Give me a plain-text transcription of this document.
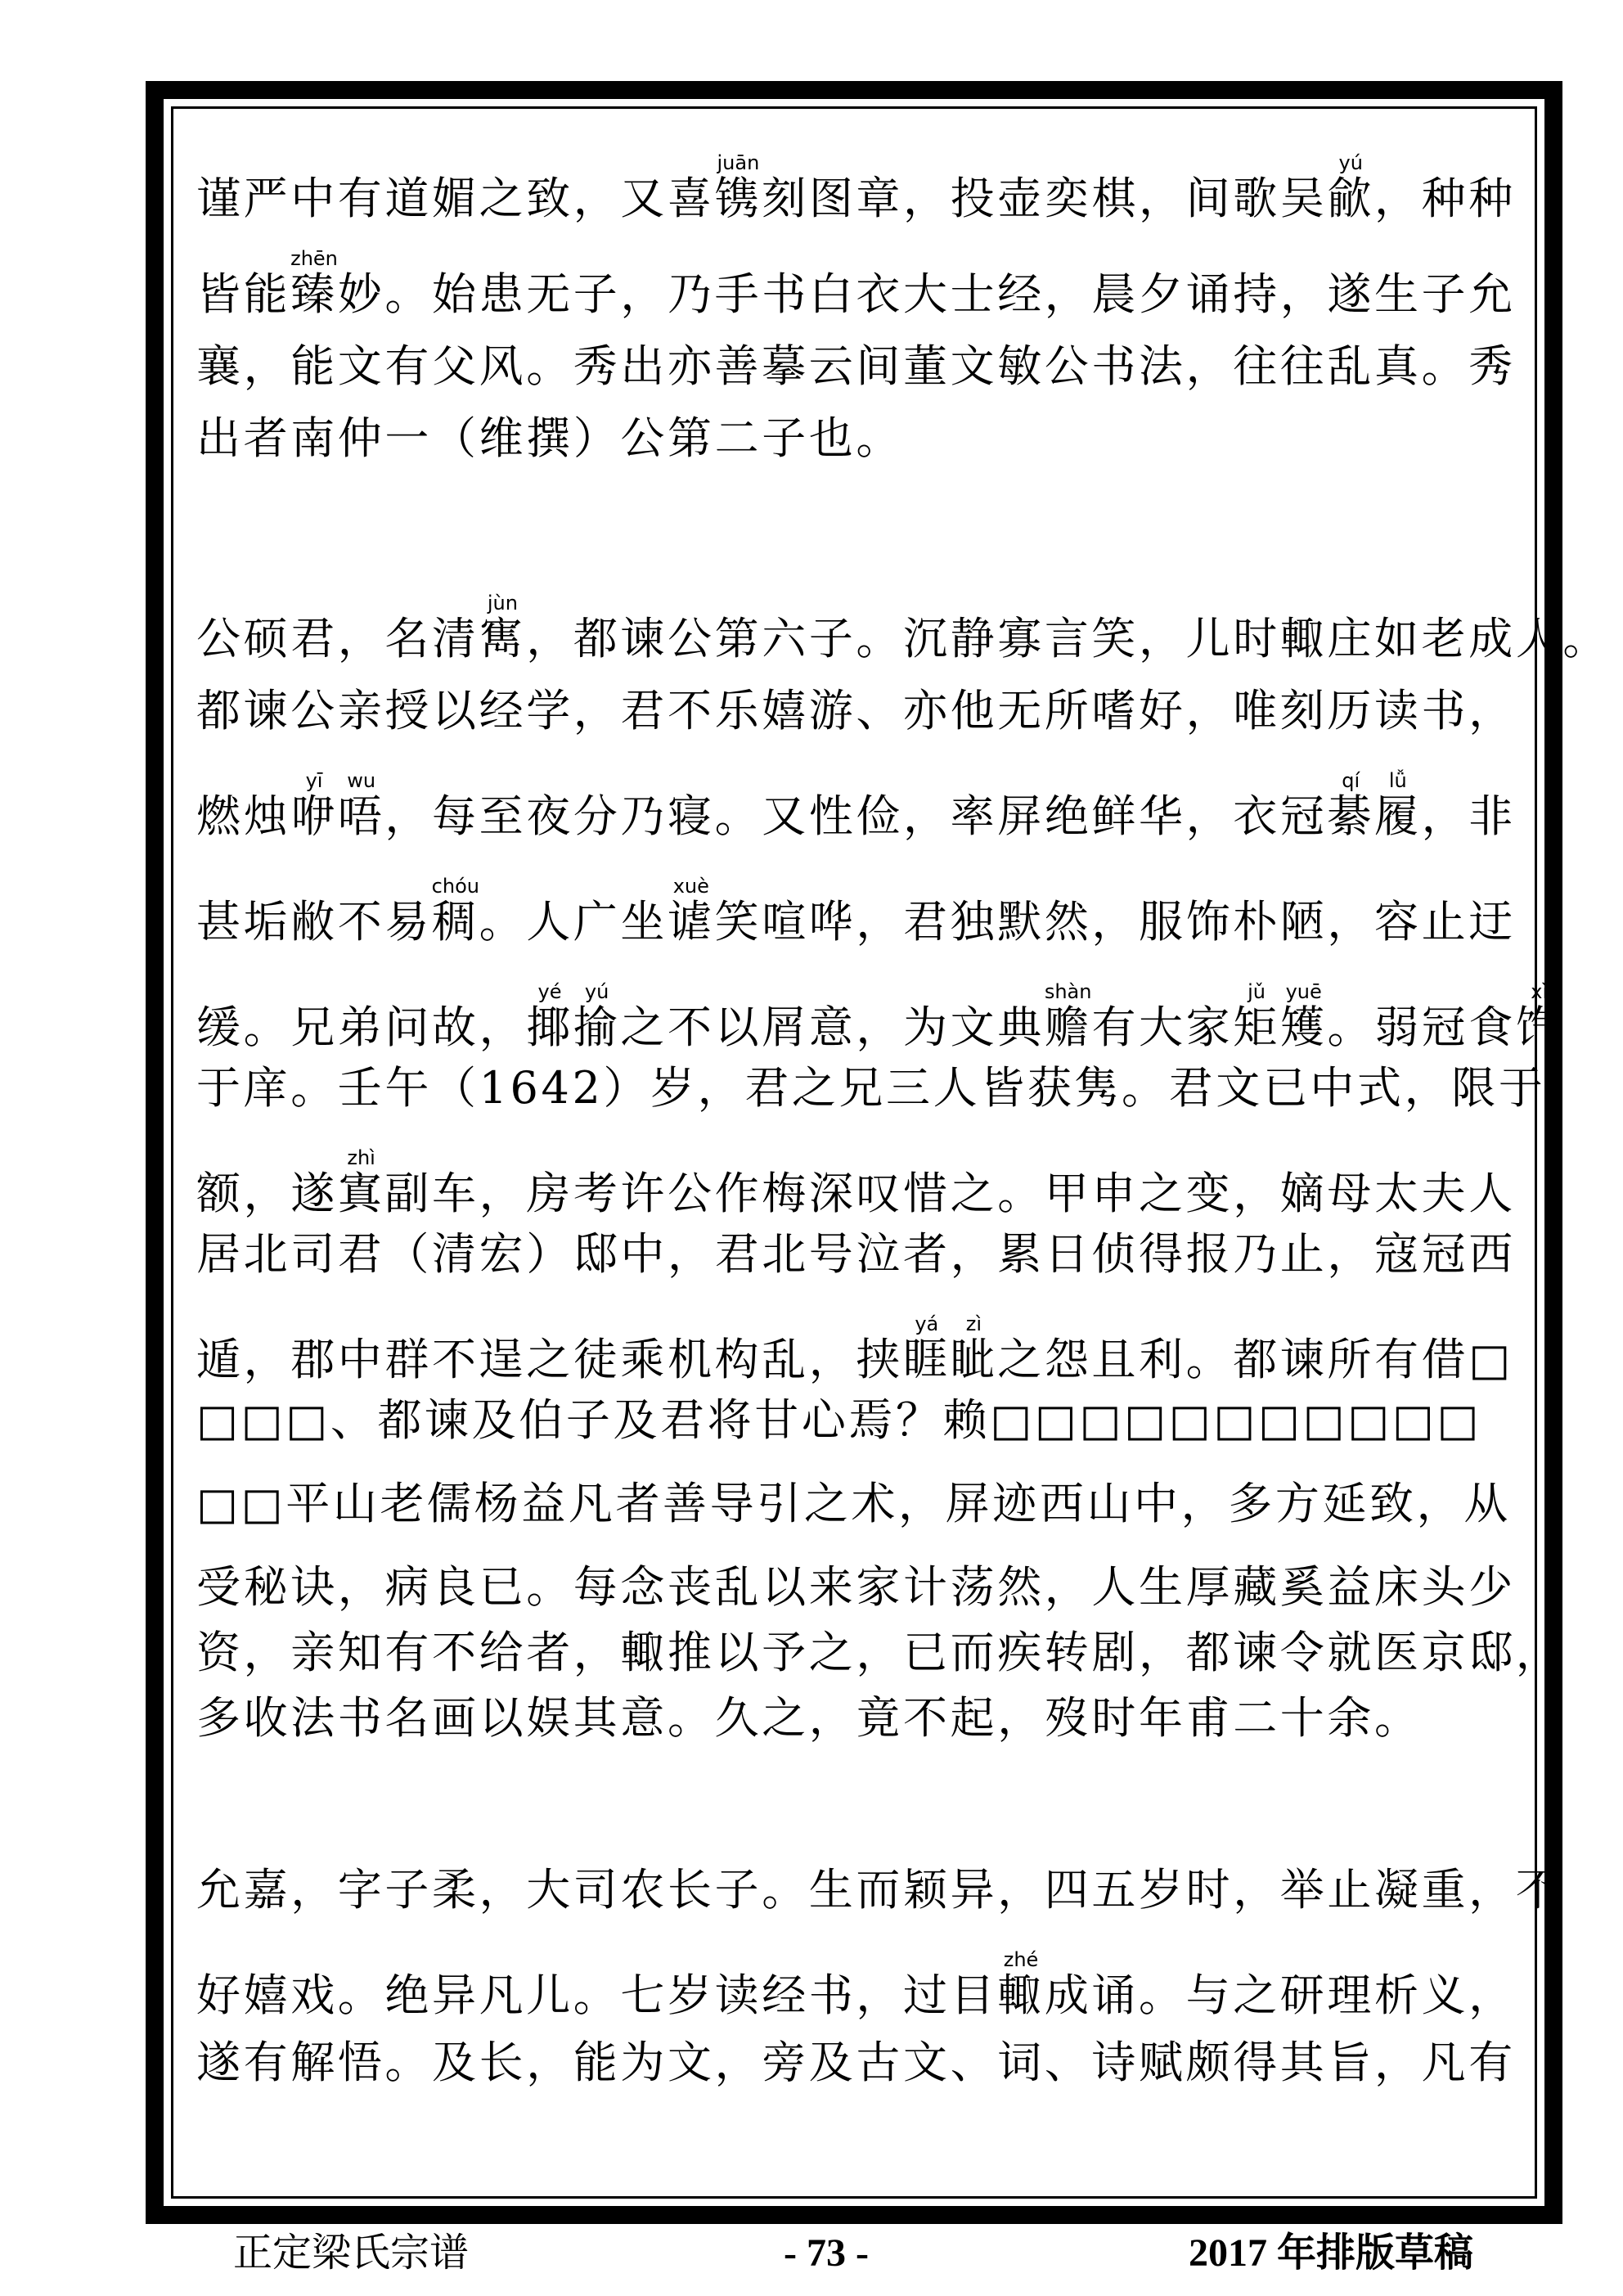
谨严中有道媚之致，又喜镌juān刻图章，投壶奕棋，间歌吴歈yú，种种

皆能臻zhēn妙。始患无子，乃手书白衣大士经，晨夕诵持，遂生子允

襄，能文有父风。秀出亦善摹云间董文敏公书法，往往乱真。秀

出者南仲一（维撰）公第二子也。

公硕君，名清寯jùn，都谏公第六子。沉静寡言笑，儿时輙庄如老成人。

都谏公亲授以经学，君不乐嬉游、亦他无所嗜好，唯刻历读书，

燃烛咿yī唔wu，每至夜分乃寝。又性俭，率屏绝鲜华，衣冠綦qí履lǚ，非

甚垢敝不易稠chóu。人广坐谑xuè笑喧哗，君独默然，服饰朴陋，容止迂

缓。兄弟问故，揶yé揄yú之不以屑意，为文典赡shàn有大家矩jǔ矱yuē。弱冠食饩xì

于庠。壬午（1642）岁，君之兄三人皆获隽。君文已中式，限于

额，遂寘zhì副车，房考许公作梅深叹惜之。甲申之变，嫡母太夫人

居北司君（清宏）邸中，君北号泣者，累日侦得报乃止，寇冠西

遁，郡中群不逞之徒乘机构乱，挟睚yá眦zì之怨且利。都谏所有借□

□□□、都谏及伯子及君将甘心焉？赖□□□□□□□□□□□

□□平山老儒杨益凡者善导引之术，屏迹西山中，多方延致，从

受秘诀，病良已。每念丧乱以来家计荡然，人生厚藏奚益床头少

资，亲知有不给者，輙推以予之，已而疾转剧，都谏令就医京邸，

多收法书名画以娱其意。久之，竟不起，歿时年甫二十余。

允嘉，字子柔，大司农长子。生而颖异，四五岁时，举止凝重，不

好嬉戏。绝异凡儿。七岁读经书，过目輙zhé成诵。与之研理析义，

遂有解悟。及长，能为文，旁及古文、词、诗赋颇得其旨，凡有

正定梁氏宗谱	- 73 -	2017 年排版草稿
